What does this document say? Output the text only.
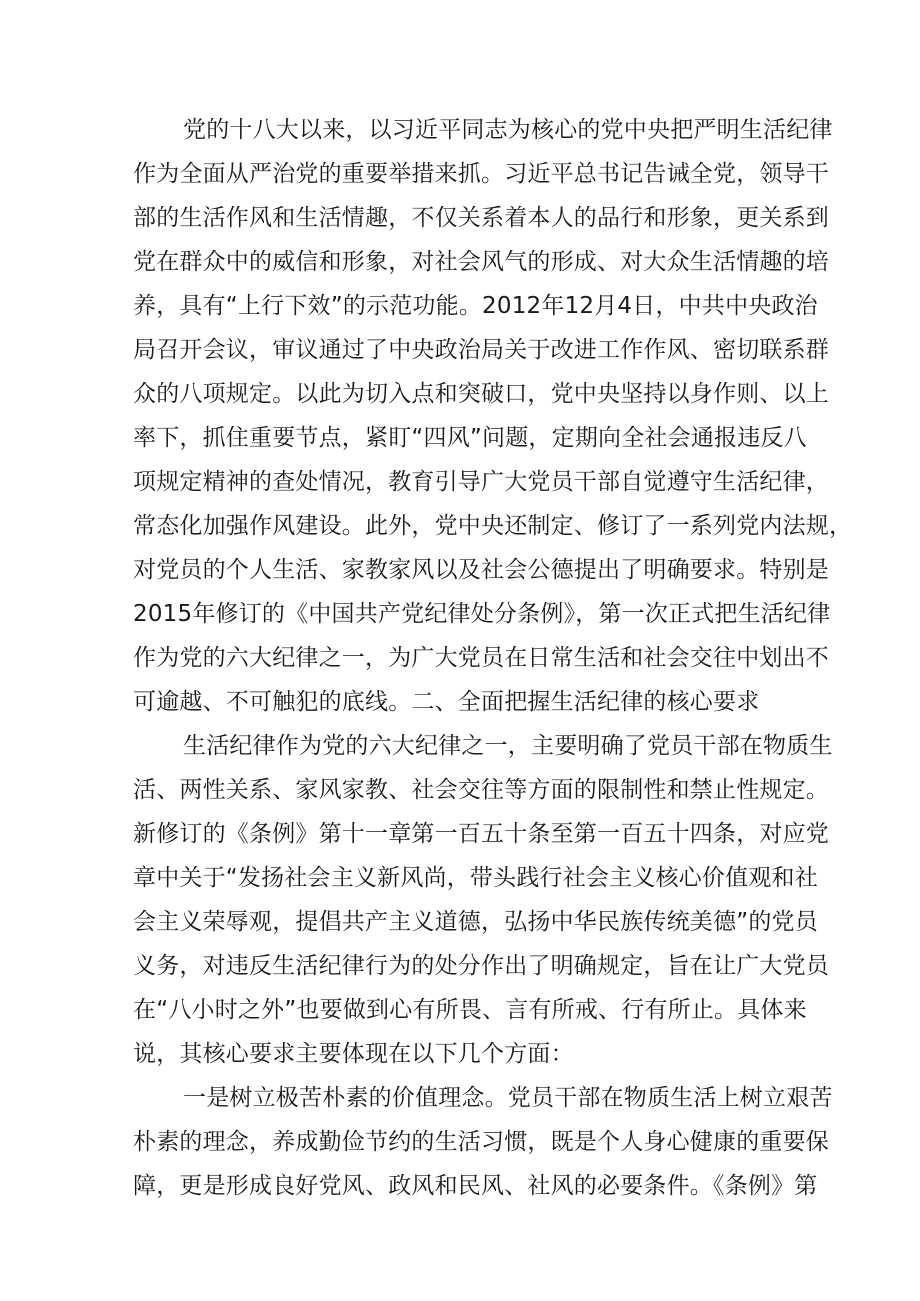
党的十八大以来，以习近平同志为核心的党中央把严明生活纪律
作为全面从严治党的重要举措来抓。习近平总书记告诫全党，领导干
部的生活作风和生活情趣，不仅关系着本人的品行和形象，更关系到
党在群众中的威信和形象，对社会风气的形成、对大众生活情趣的培
养，具有“上行下效”的示范功能。2012年12月4日，中共中央政治
局召开会议，审议通过了中央政治局关于改进工作作风、密切联系群
众的八项规定。以此为切入点和突破口，党中央坚持以身作则、以上
率下，抓住重要节点，紧盯“四风”问题，定期向全社会通报违反八
项规定精神的查处情况，教育引导广大党员干部自觉遵守生活纪律，
常态化加强作风建设。此外，党中央还制定、修订了一系列党内法规，
对党员的个人生活、家教家风以及社会公德提出了明确要求。特别是
2015年修订的《中国共产党纪律处分条例》，第一次正式把生活纪律
作为党的六大纪律之一，为广大党员在日常生活和社会交往中划出不
可逾越、不可触犯的底线。二、全面把握生活纪律的核心要求
生活纪律作为党的六大纪律之一，主要明确了党员干部在物质生
活、两性关系、家风家教、社会交往等方面的限制性和禁止性规定。
新修订的《条例》第十一章第一百五十条至第一百五十四条，对应党
章中关于“发扬社会主义新风尚，带头践行社会主义核心价值观和社
会主义荣辱观，提倡共产主义道德，弘扬中华民族传统美德”的党员
义务，对违反生活纪律行为的处分作出了明确规定，旨在让广大党员
在“八小时之外”也要做到心有所畏、言有所戒、行有所止。具体来
说，其核心要求主要体现在以下几个方面：
一是树立极苦朴素的价值理念。党员干部在物质生活上树立艰苦
朴素的理念，养成勤俭节约的生活习惯，既是个人身心健康的重要保
障，更是形成良好党风、政风和民风、社风的必要条件。《条例》第
